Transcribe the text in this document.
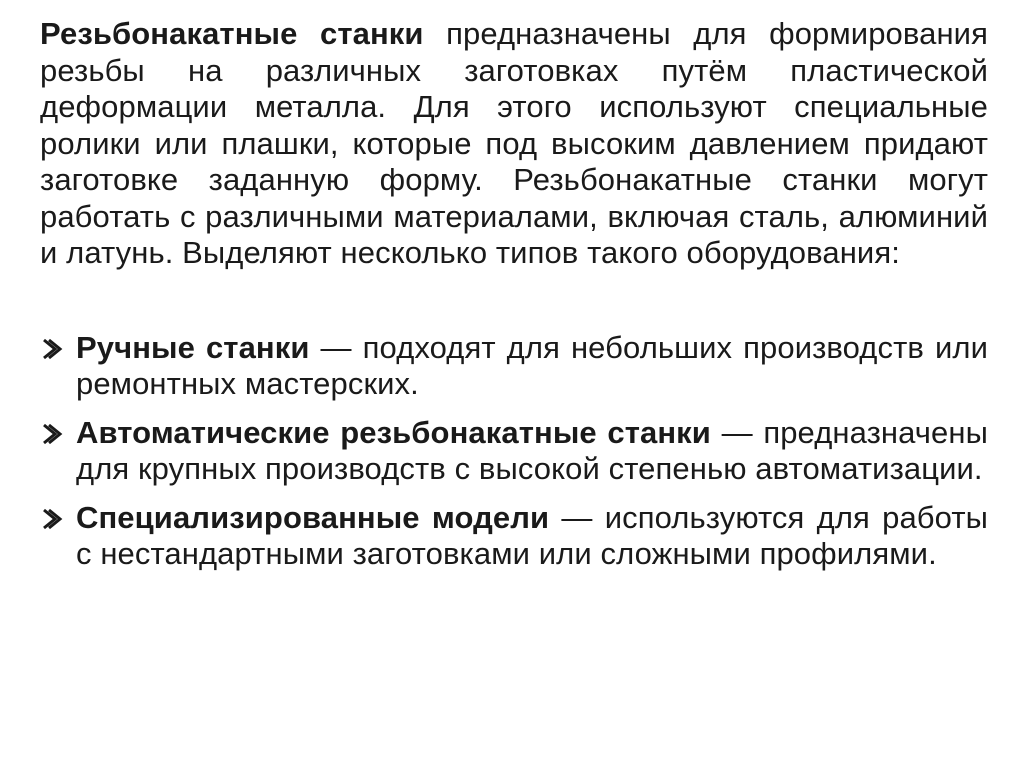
Резьбонакатные станки предназначены для формирования резьбы на различных заготовках путём пластической деформации металла. Для этого используют специальные ролики или плашки, которые под высоким давлением придают заготовке заданную форму. Резьбонакатные станки могут работать с различными материалами, включая сталь, алюминий и латунь. Выделяют несколько типов такого оборудования:

Ручные станки — подходят для небольших производств или ремонтных мастерских.
Автоматические резьбонакатные станки — предназначены для крупных производств с высокой степенью автоматизации.
Специализированные модели — используются для работы с нестандартными заготовками или сложными профилями.
